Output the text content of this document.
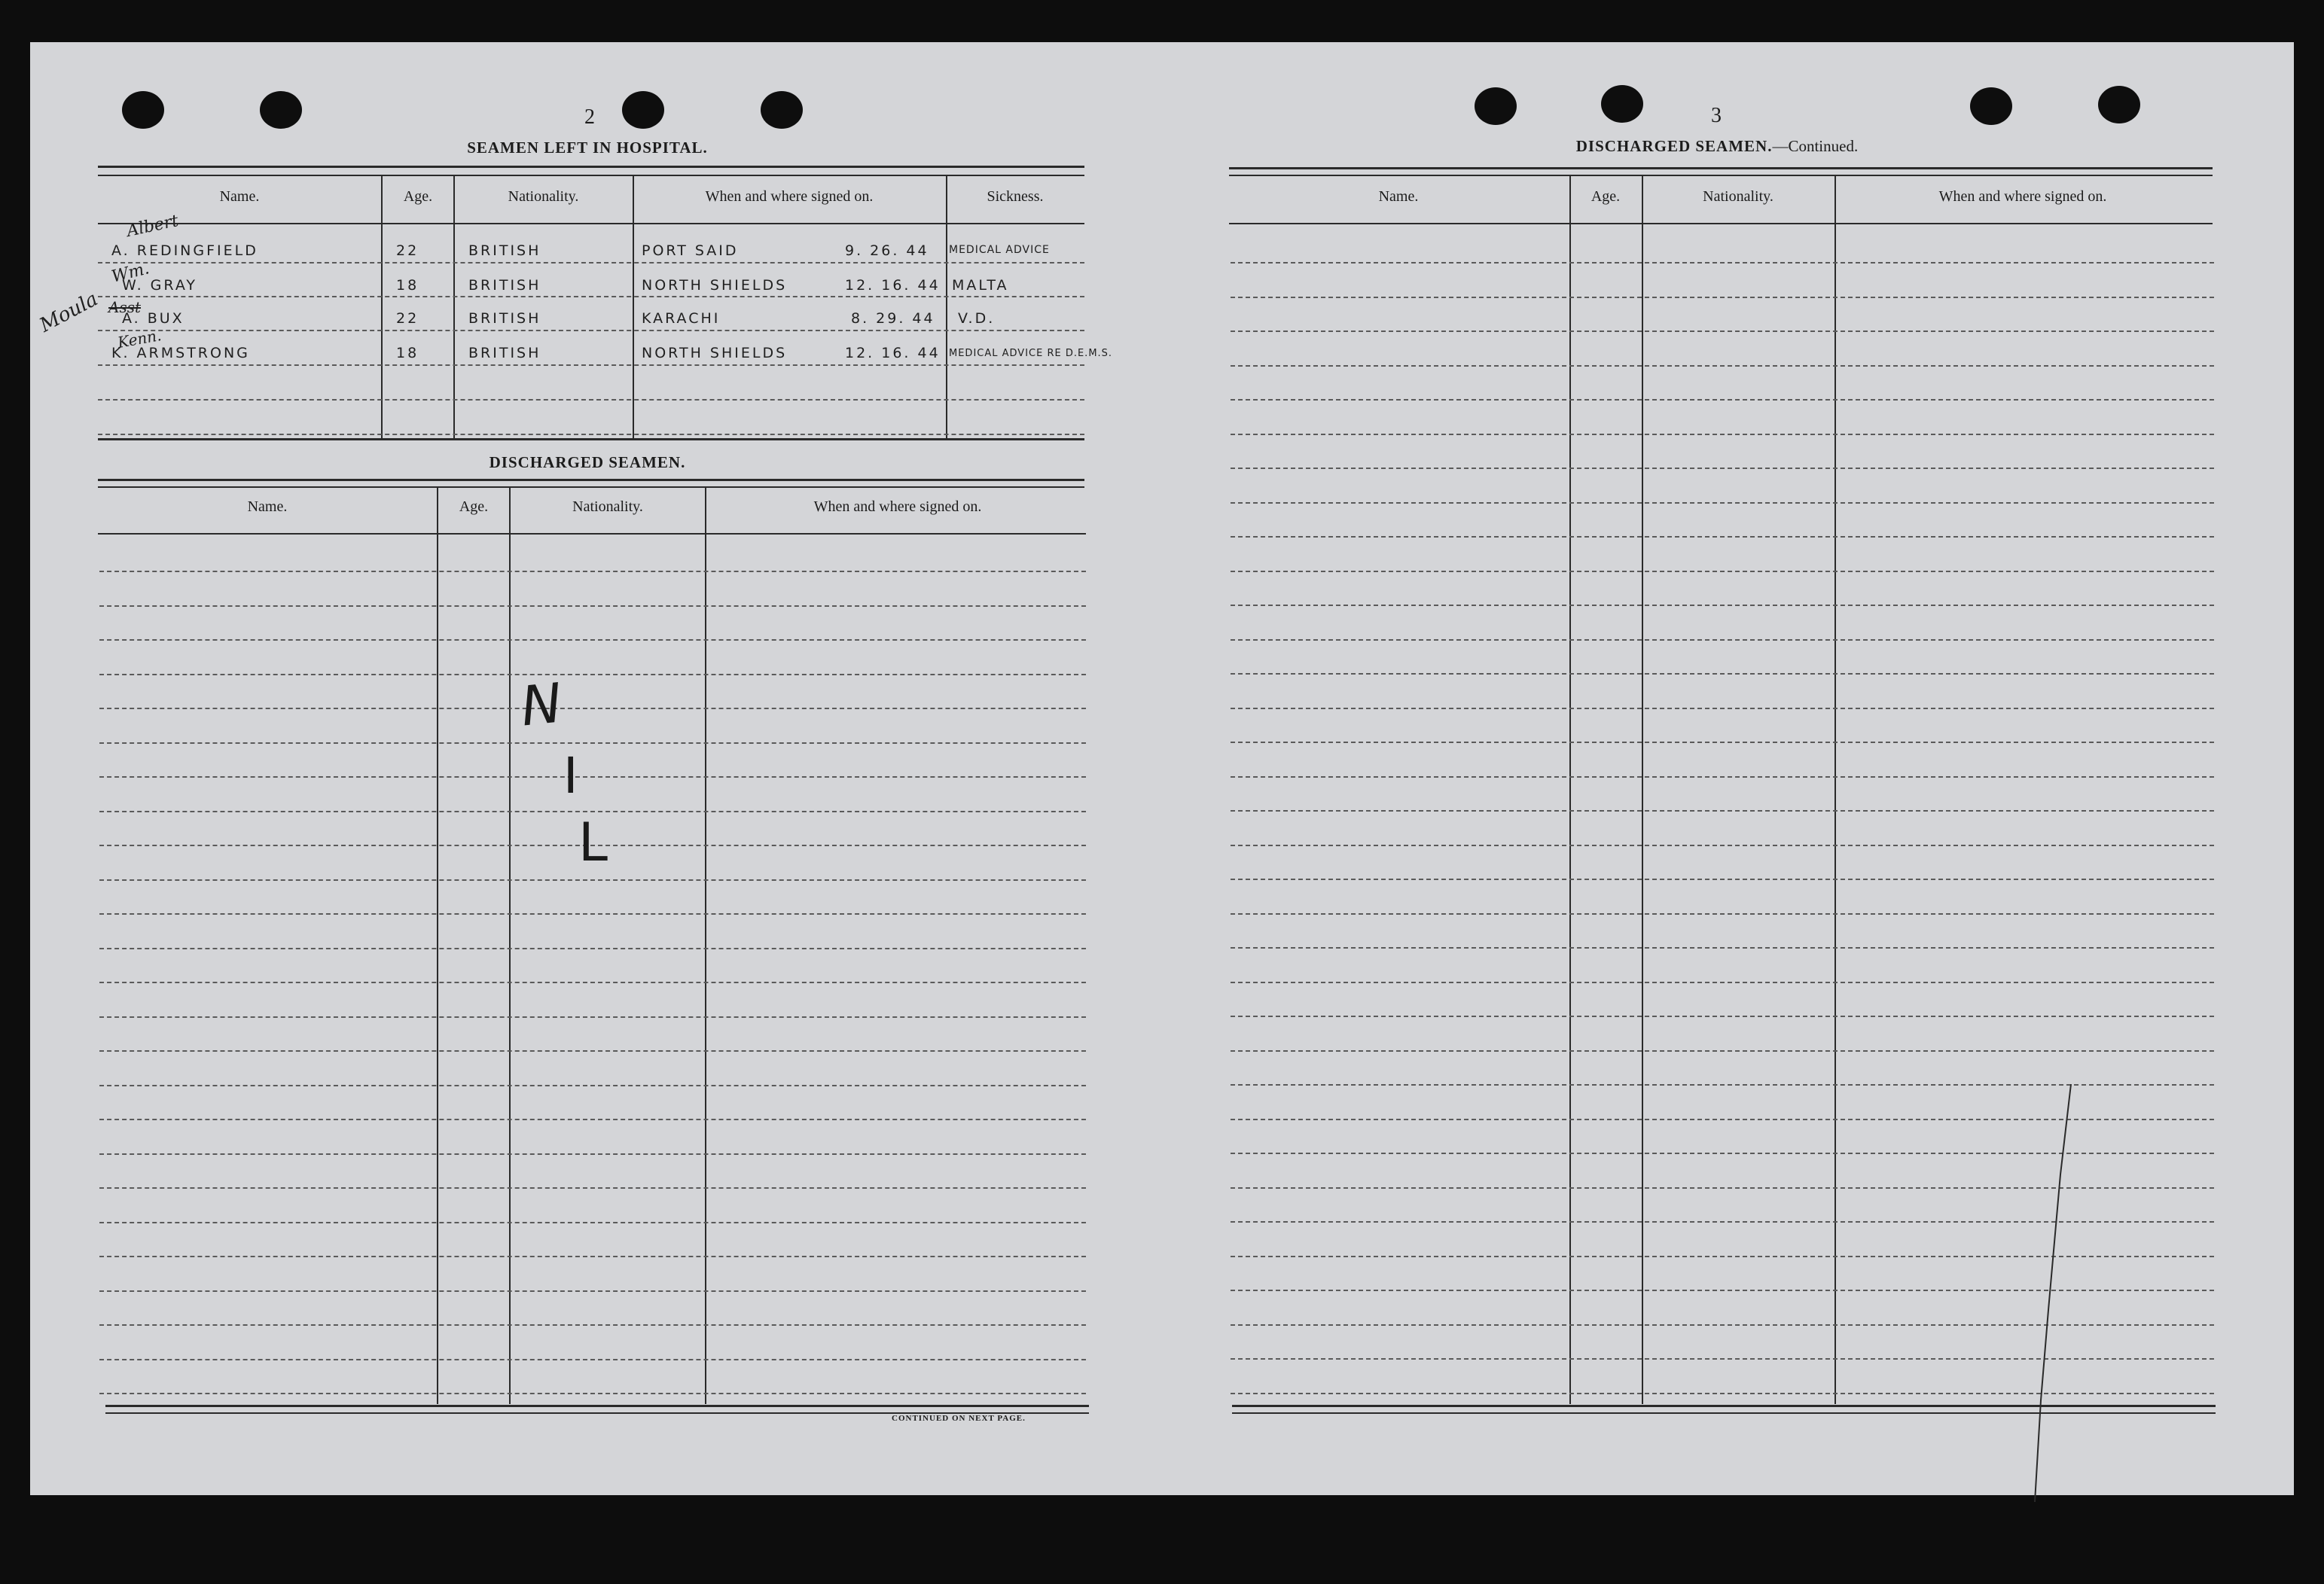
2
SEAMEN LEFT IN HOSPITAL.
Name.	Age.	Nationality.	When and where signed on.	Sickness.
A. REDINGFIELD	22	BRITISH	PORT SAID	9. 26. 44 MEDICAL ADVICE
W. GRAY	18	BRITISH	NORTH SHIELDS	12. 16. 44 MALTA
A. BUX	22	BRITISH	KARACHI	8. 29. 44 V.D.
K. ARMSTRONG	18	BRITISH	NORTH SHIELDS	12. 16. 44 MEDICAL ADVICE RE D.E.M.S.
Albert
Wm.
Asst
Moula
Kenn.
DISCHARGED SEAMEN.
Name.	Age.	Nationality.	When and where signed on.
N
I
L
CONTINUED ON NEXT PAGE.
3
DISCHARGED SEAMEN.—Continued.
Name.	Age.	Nationality.	When and where signed on.
